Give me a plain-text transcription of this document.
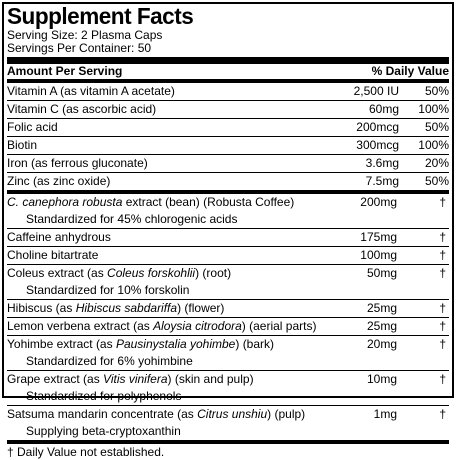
Supplement Facts
Serving Size: 2 Plasma Caps
Servings Per Container: 50
Amount Per Serving	% Daily Value
Vitamin A (as vitamin A acetate)	2,500 IU	50%
Vitamin C (as ascorbic acid)	60mg	100%
Folic acid	200mcg	50%
Biotin	300mcg	100%
Iron (as ferrous gluconate)	3.6mg	20%
Zinc (as zinc oxide)	7.5mg	50%
C. canephora robusta extract (bean) (Robusta Coffee)	200mg	†
Standardized for 45% chlorogenic acids
Caffeine anhydrous	175mg	†
Choline bitartrate	100mg	†
Coleus extract (as Coleus forskohlii) (root)	50mg	†
Standardized for 10% forskolin
Hibiscus (as Hibiscus sabdariffa) (flower)	25mg	†
Lemon verbena extract (as Aloysia citrodora) (aerial parts)	25mg	†
Yohimbe extract (as Pausinystalia yohimbe) (bark)	20mg	†
Standardized for 6% yohimbine
Grape extract (as Vitis vinifera) (skin and pulp)	10mg	†
Standardized for polyphenols
Satsuma mandarin concentrate (as Citrus unshiu) (pulp)	1mg	†
Supplying beta-cryptoxanthin
† Daily Value not established.
